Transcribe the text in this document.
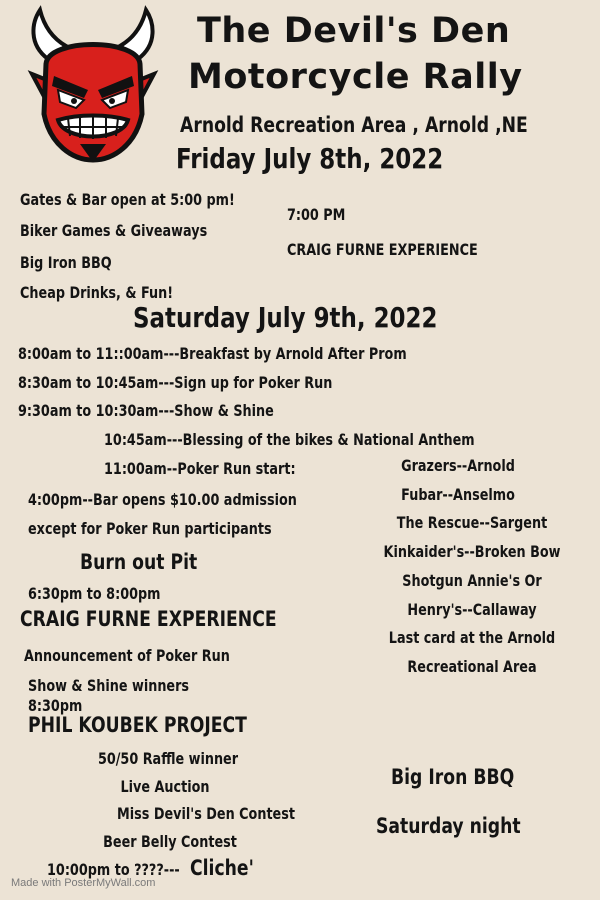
The Devil's Den
Motorcycle Rally
Arnold Recreation Area , Arnold ,NE
Friday July 8th, 2022
Gates & Bar open at 5:00 pm!
Biker Games & Giveaways
Big Iron BBQ
Cheap Drinks, & Fun!
7:00 PM
CRAIG FURNE EXPERIENCE
Saturday July 9th, 2022
8:00am to 11::00am---Breakfast by Arnold After Prom
8:30am to 10:45am---Sign up for Poker Run
9:30am to 10:30am---Show & Shine
10:45am---Blessing of the bikes & National Anthem
11:00am--Poker Run start:
4:00pm--Bar opens $10.00 admission
except for Poker Run participants
Burn out Pit
6:30pm to 8:00pm
CRAIG FURNE EXPERIENCE
Announcement of Poker Run
Show & Shine winners
8:30pm
PHIL KOUBEK PROJECT
50/50 Raffle winner
Live Auction
Miss Devil's Den Contest
Beer Belly Contest
10:00pm to ????--- Cliche'
Grazers--Arnold
Fubar--Anselmo
The Rescue--Sargent
Kinkaider's--Broken Bow
Shotgun Annie's Or
Henry's--Callaway
Last card at the Arnold
Recreational Area
Big Iron BBQ
Saturday night
Made with PosterMyWall.com
